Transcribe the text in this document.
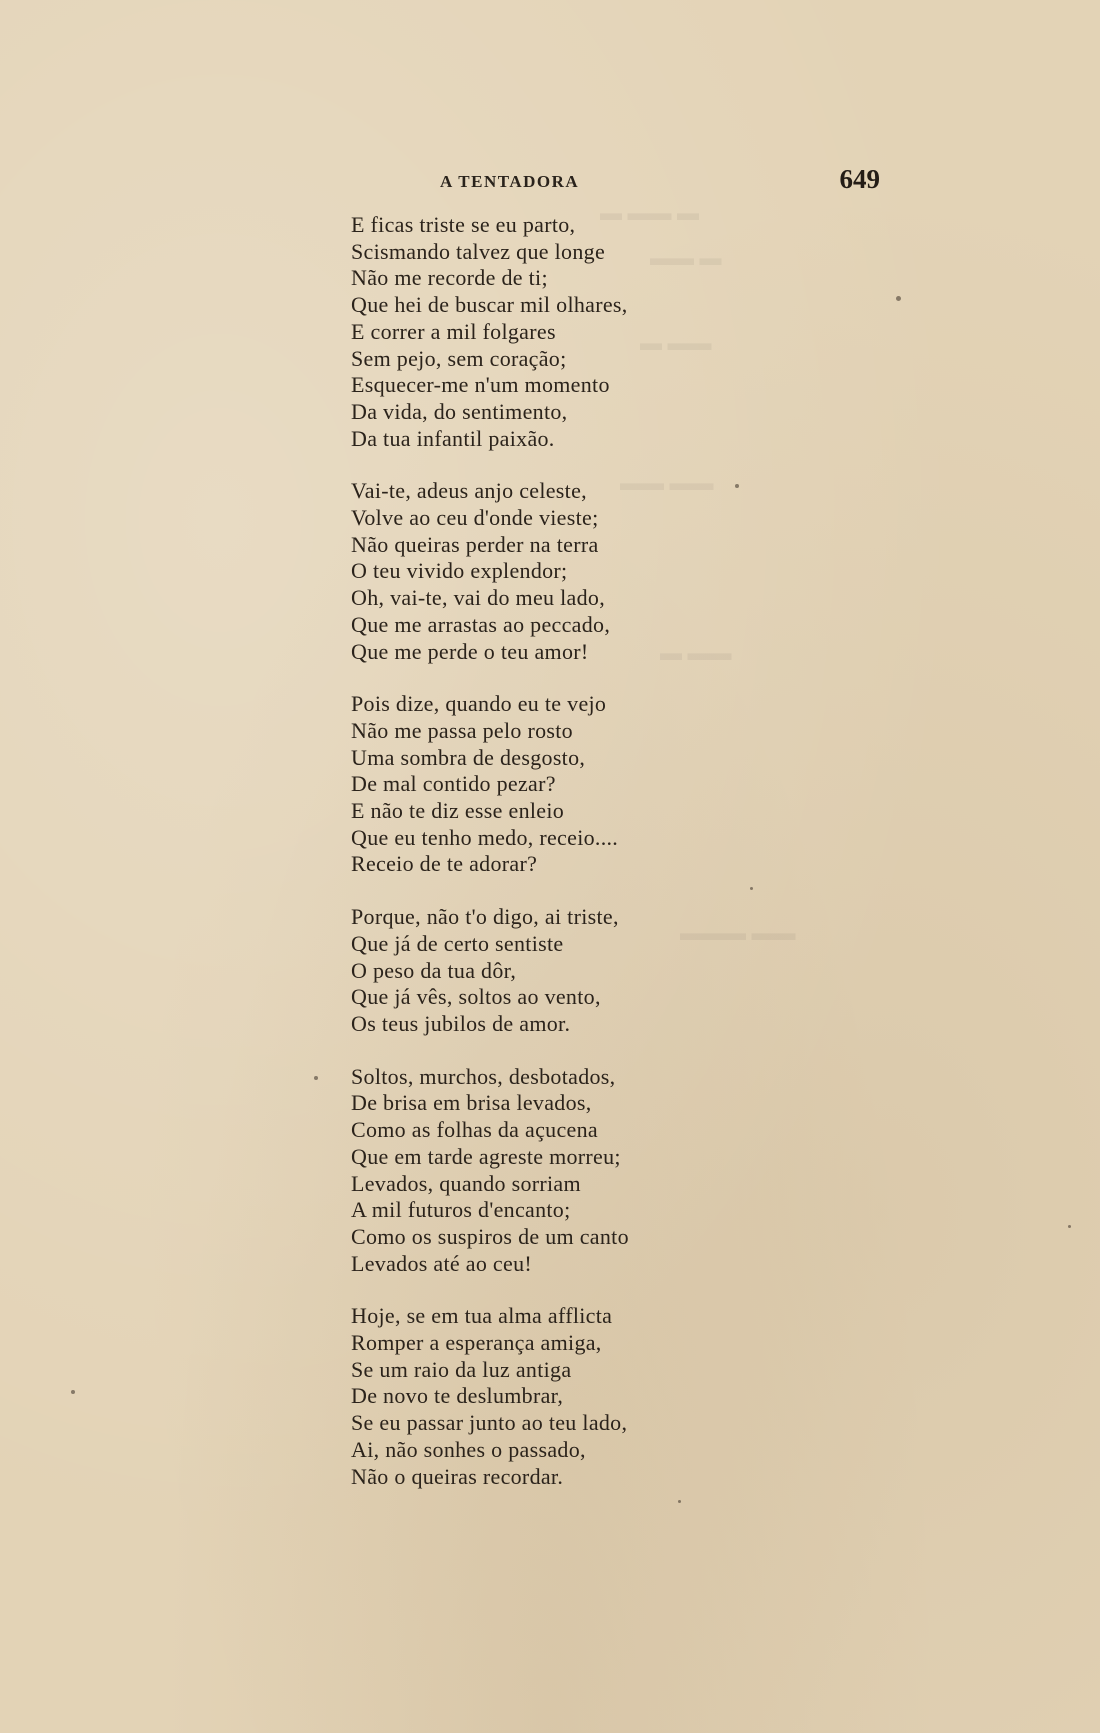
▬ ▬▬ ▬
▬▬ ▬
▬ ▬▬
▬▬ ▬▬
▬ ▬▬
▬▬▬ ▬▬
A TENTADORA	649
E ficas triste se eu parto,
Scismando talvez que longe
Não me recorde de ti;
Que hei de buscar mil olhares,
E correr a mil folgares
Sem pejo, sem coração;
Esquecer-me n'um momento
Da vida, do sentimento,
Da tua infantil paixão.
Vai-te, adeus anjo celeste,
Volve ao ceu d'onde vieste;
Não queiras perder na terra
O teu vivido explendor;
Oh, vai-te, vai do meu lado,
Que me arrastas ao peccado,
Que me perde o teu amor!
Pois dize, quando eu te vejo
Não me passa pelo rosto
Uma sombra de desgosto,
De mal contido pezar?
E não te diz esse enleio
Que eu tenho medo, receio....
Receio de te adorar?
Porque, não t'o digo, ai triste,
Que já de certo sentiste
O peso da tua dôr,
Que já vês, soltos ao vento,
Os teus jubilos de amor.
Soltos, murchos, desbotados,
De brisa em brisa levados,
Como as folhas da açucena
Que em tarde agreste morreu;
Levados, quando sorriam
A mil futuros d'encanto;
Como os suspiros de um canto
Levados até ao ceu!
Hoje, se em tua alma afflicta
Romper a esperança amiga,
Se um raio da luz antiga
De novo te deslumbrar,
Se eu passar junto ao teu lado,
Ai, não sonhes o passado,
Não o queiras recordar.
